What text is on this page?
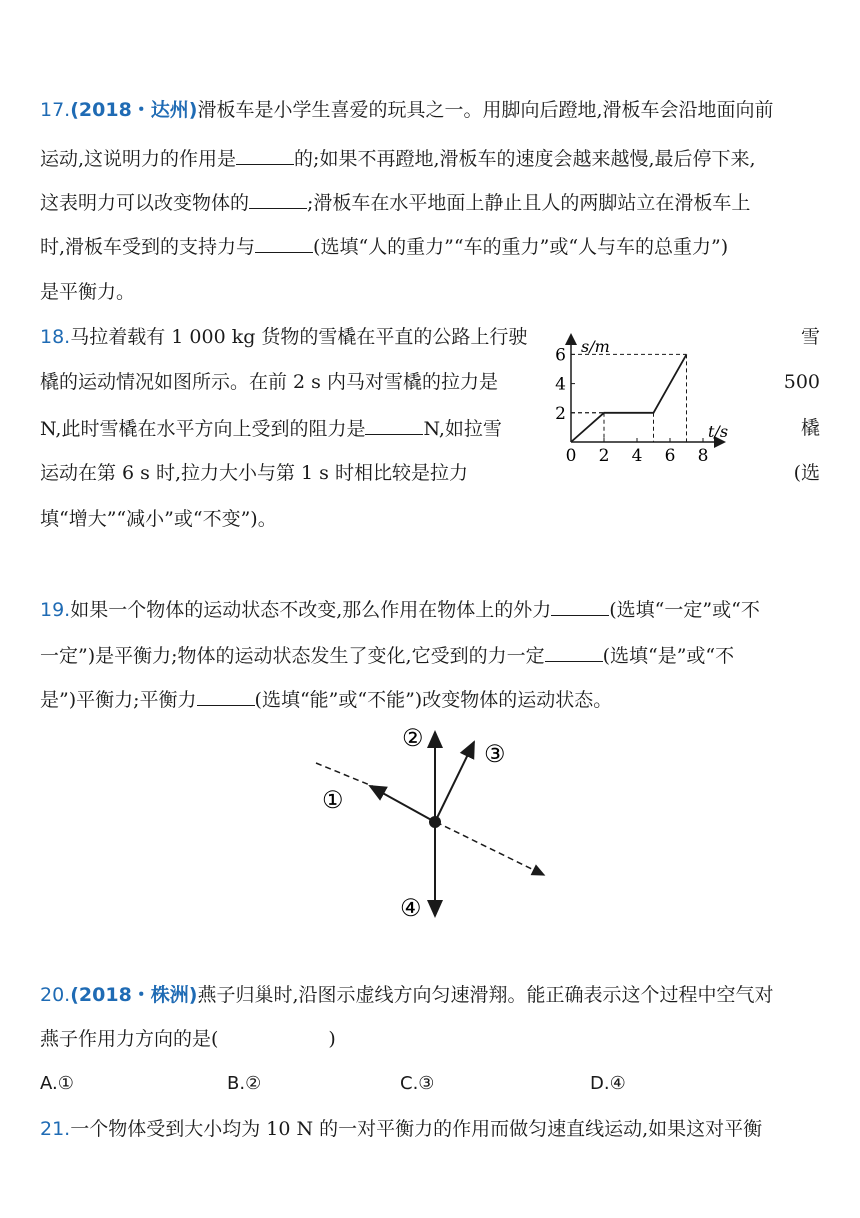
17.(2018・达州)滑板车是小学生喜爱的玩具之一。用脚向后蹬地,滑板车会沿地面向前
运动,这说明力的作用是	的;如果不再蹬地,滑板车的速度会越来越慢,最后停下来,
这表明力可以改变物体的	;滑板车在水平地面上静止且人的两脚站立在滑板车上
时,滑板车受到的支持力与	(选填“人的重力”“车的重力”或“人与车的总重力”)
是平衡力。
18.马拉着载有 1 000 kg 货物的雪橇在平直的公路上行驶
橇的运动情况如图所示。在前 2 s 内马对雪橇的拉力是
N,此时雪橇在水平方向上受到的阻力是	N,如拉雪
运动在第 6 s 时,拉力大小与第 1 s 时相比较是拉力
填“增大”“减小”或“不变”)。
雪
500
橇
(选
2
4
6
0 2 4 6 8
s/m
t/s
19.如果一个物体的运动状态不改变,那么作用在物体上的外力	(选填“一定”或“不
一定”)是平衡力;物体的运动状态发生了变化,它受到的力一定	(选填“是”或“不
是”)平衡力;平衡力	(选填“能”或“不能”)改变物体的运动状态。
①
②
③
④
20.(2018・株洲)燕子归巢时,沿图示虚线方向匀速滑翔。能正确表示这个过程中空气对
燕子作用力方向的是(	)
A.①	B.②	C.③	D.④
21.一个物体受到大小均为 10 N 的一对平衡力的作用而做匀速直线运动,如果这对平衡
